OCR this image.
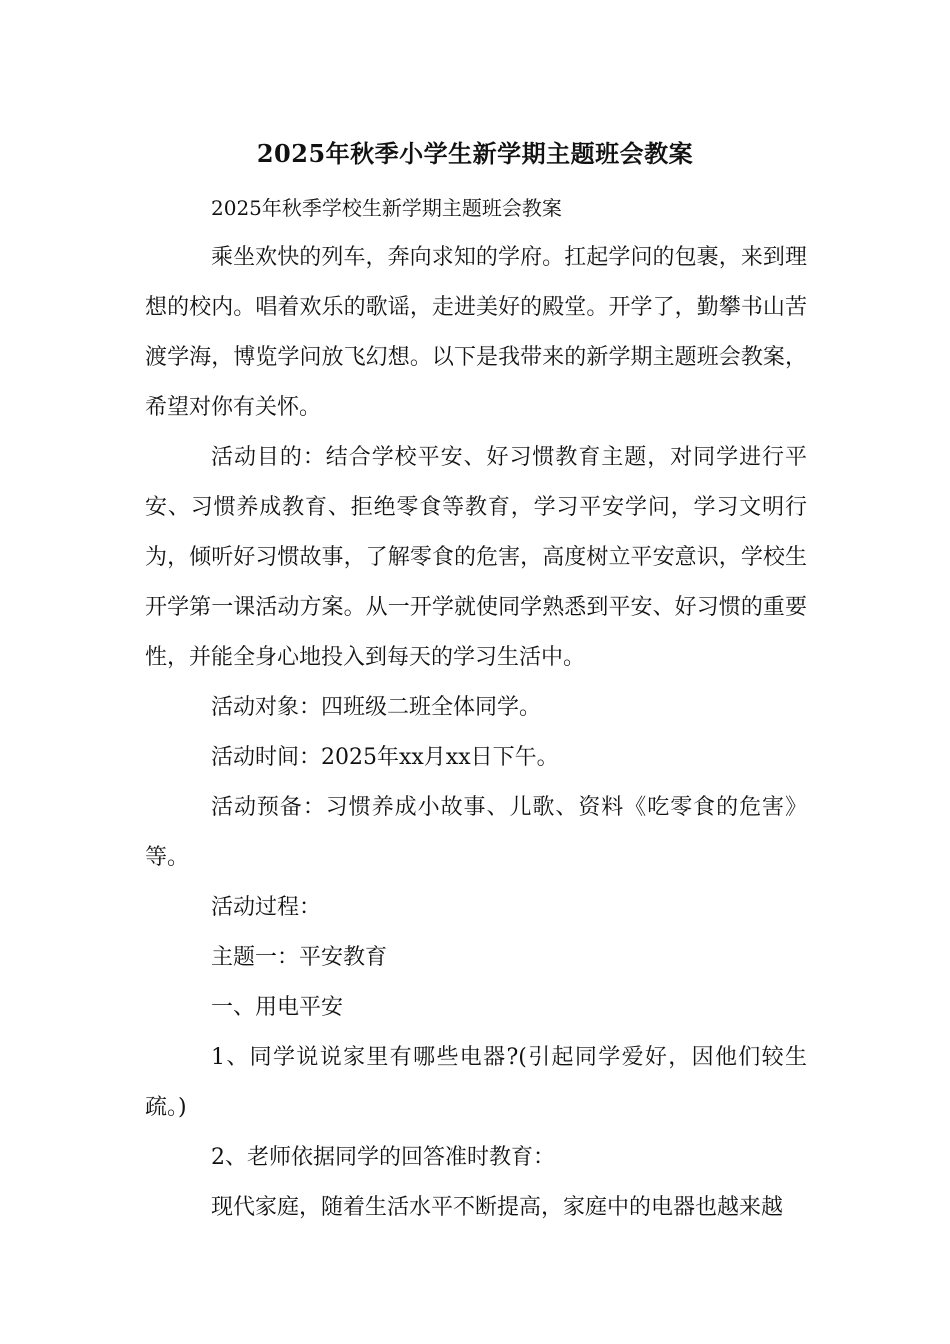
2025年秋季小学生新学期主题班会教案

2025年秋季学校生新学期主题班会教案

乘坐欢快的列车，奔向求知的学府。扛起学问的包裹，来到理想的校内。唱着欢乐的歌谣，走进美好的殿堂。开学了，勤攀书山苦渡学海，博览学问放飞幻想。以下是我带来的新学期主题班会教案，希望对你有关怀。

活动目的：结合学校平安、好习惯教育主题，对同学进行平安、习惯养成教育、拒绝零食等教育，学习平安学问，学习文明行为，倾听好习惯故事，了解零食的危害，高度树立平安意识，学校生开学第一课活动方案。从一开学就使同学熟悉到平安、好习惯的重要性，并能全身心地投入到每天的学习生活中。

活动对象：四班级二班全体同学。

活动时间：2025年xx月xx日下午。

活动预备：习惯养成小故事、儿歌、资料《吃零食的危害》等。

活动过程：

主题一：平安教育

一、用电平安

1、同学说说家里有哪些电器?(引起同学爱好，因他们较生疏。)

2、老师依据同学的回答准时教育：

现代家庭，随着生活水平不断提高，家庭中的电器也越来越
